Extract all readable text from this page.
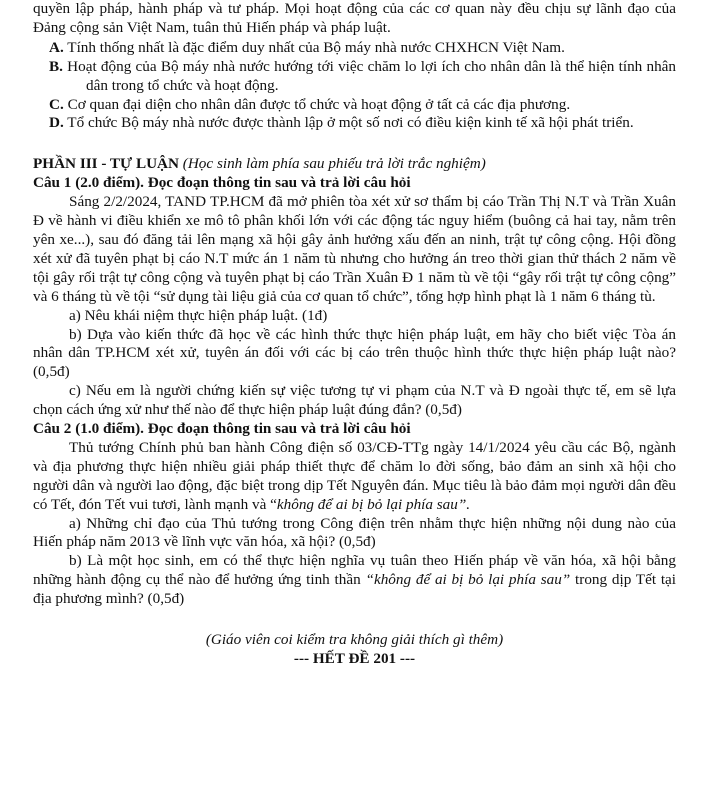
quyền lập pháp, hành pháp và tư pháp. Mọi hoạt động của các cơ quan này đều chịu sự lãnh đạo của Đảng cộng sản Việt Nam, tuân thủ Hiến pháp và pháp luật.

A. Tính thống nhất là đặc điểm duy nhất của Bộ máy nhà nước CHXHCN Việt Nam.

B. Hoạt động của Bộ máy nhà nước hướng tới việc chăm lo lợi ích cho nhân dân là thể hiện tính nhân dân trong tổ chức và hoạt động.

C. Cơ quan đại diện cho nhân dân được tổ chức và hoạt động ở tất cả các địa phương.

D. Tổ chức Bộ máy nhà nước được thành lập ở một số nơi có điều kiện kinh tế xã hội phát triển.

PHẦN III - TỰ LUẬN (Học sinh làm phía sau phiếu trả lời trắc nghiệm)

Câu 1 (2.0 điểm). Đọc đoạn thông tin sau và trả lời câu hỏi

Sáng 2/2/2024, TAND TP.HCM đã mở phiên tòa xét xử sơ thẩm bị cáo Trần Thị N.T và Trần Xuân Đ về hành vi điều khiển xe mô tô phân khối lớn với các động tác nguy hiểm (buông cả hai tay, nằm trên yên xe...), sau đó đăng tải lên mạng xã hội gây ảnh hưởng xấu đến an ninh, trật tự công cộng. Hội đồng xét xử đã tuyên phạt bị cáo N.T mức án 1 năm tù nhưng cho hưởng án treo thời gian thử thách 2 năm về tội gây rối trật tự công cộng và tuyên phạt bị cáo Trần Xuân Đ 1 năm tù về tội “gây rối trật tự công cộng” và 6 tháng tù về tội “sử dụng tài liệu giả của cơ quan tổ chức”, tổng hợp hình phạt là 1 năm 6 tháng tù.

a) Nêu khái niệm thực hiện pháp luật. (1đ)

b) Dựa vào kiến thức đã học về các hình thức thực hiện pháp luật, em hãy cho biết việc Tòa án nhân dân TP.HCM xét xử, tuyên án đối với các bị cáo trên thuộc hình thức thực hiện pháp luật nào? (0,5đ)

c) Nếu em là người chứng kiến sự việc tương tự vi phạm của N.T và Đ ngoài thực tế, em sẽ lựa chọn cách ứng xử như thế nào để thực hiện pháp luật đúng đắn? (0,5đ)

Câu 2 (1.0 điểm). Đọc đoạn thông tin sau và trả lời câu hỏi

Thủ tướng Chính phủ ban hành Công điện số 03/CĐ-TTg ngày 14/1/2024 yêu cầu các Bộ, ngành và địa phương thực hiện nhiều giải pháp thiết thực để chăm lo đời sống, bảo đảm an sinh xã hội cho người dân và người lao động, đặc biệt trong dịp Tết Nguyên đán. Mục tiêu là bảo đảm mọi người dân đều có Tết, đón Tết vui tươi, lành mạnh và “không để ai bị bỏ lại phía sau”.

a) Những chỉ đạo của Thủ tướng trong Công điện trên nhằm thực hiện những nội dung nào của Hiến pháp năm 2013 về lĩnh vực văn hóa, xã hội? (0,5đ)

b) Là một học sinh, em có thể thực hiện nghĩa vụ tuân theo Hiến pháp về văn hóa, xã hội bằng những hành động cụ thể nào để hưởng ứng tinh thần “không để ai bị bỏ lại phía sau” trong dịp Tết tại địa phương mình? (0,5đ)

(Giáo viên coi kiểm tra không giải thích gì thêm)

--- HẾT ĐỀ 201 ---
